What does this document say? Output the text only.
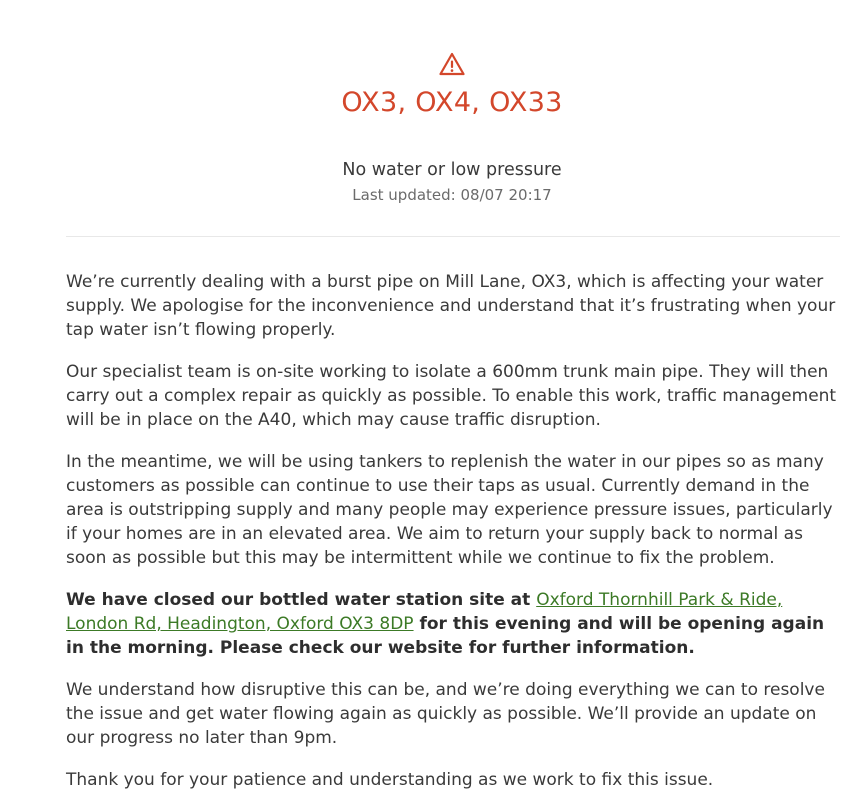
OX3, OX4, OX33
No water or low pressure
Last updated: 08/07 20:17

We’re currently dealing with a burst pipe on Mill Lane, OX3, which is affecting your water supply. We apologise for the inconvenience and understand that it’s frustrating when your tap water isn’t flowing properly.

Our specialist team is on-site working to isolate a 600mm trunk main pipe. They will then carry out a complex repair as quickly as possible. To enable this work, traffic management will be in place on the A40, which may cause traffic disruption.

In the meantime, we will be using tankers to replenish the water in our pipes so as many customers as possible can continue to use their taps as usual. Currently demand in the area is outstripping supply and many people may experience pressure issues, particularly if your homes are in an elevated area. We aim to return your supply back to normal as soon as possible but this may be intermittent while we continue to fix the problem.

We have closed our bottled water station site at Oxford Thornhill Park & Ride, London Rd, Headington, Oxford OX3 8DP for this evening and will be opening again in the morning. Please check our website for further information.

We understand how disruptive this can be, and we’re doing everything we can to resolve the issue and get water flowing again as quickly as possible. We’ll provide an update on our progress no later than 9pm.

Thank you for your patience and understanding as we work to fix this issue.
